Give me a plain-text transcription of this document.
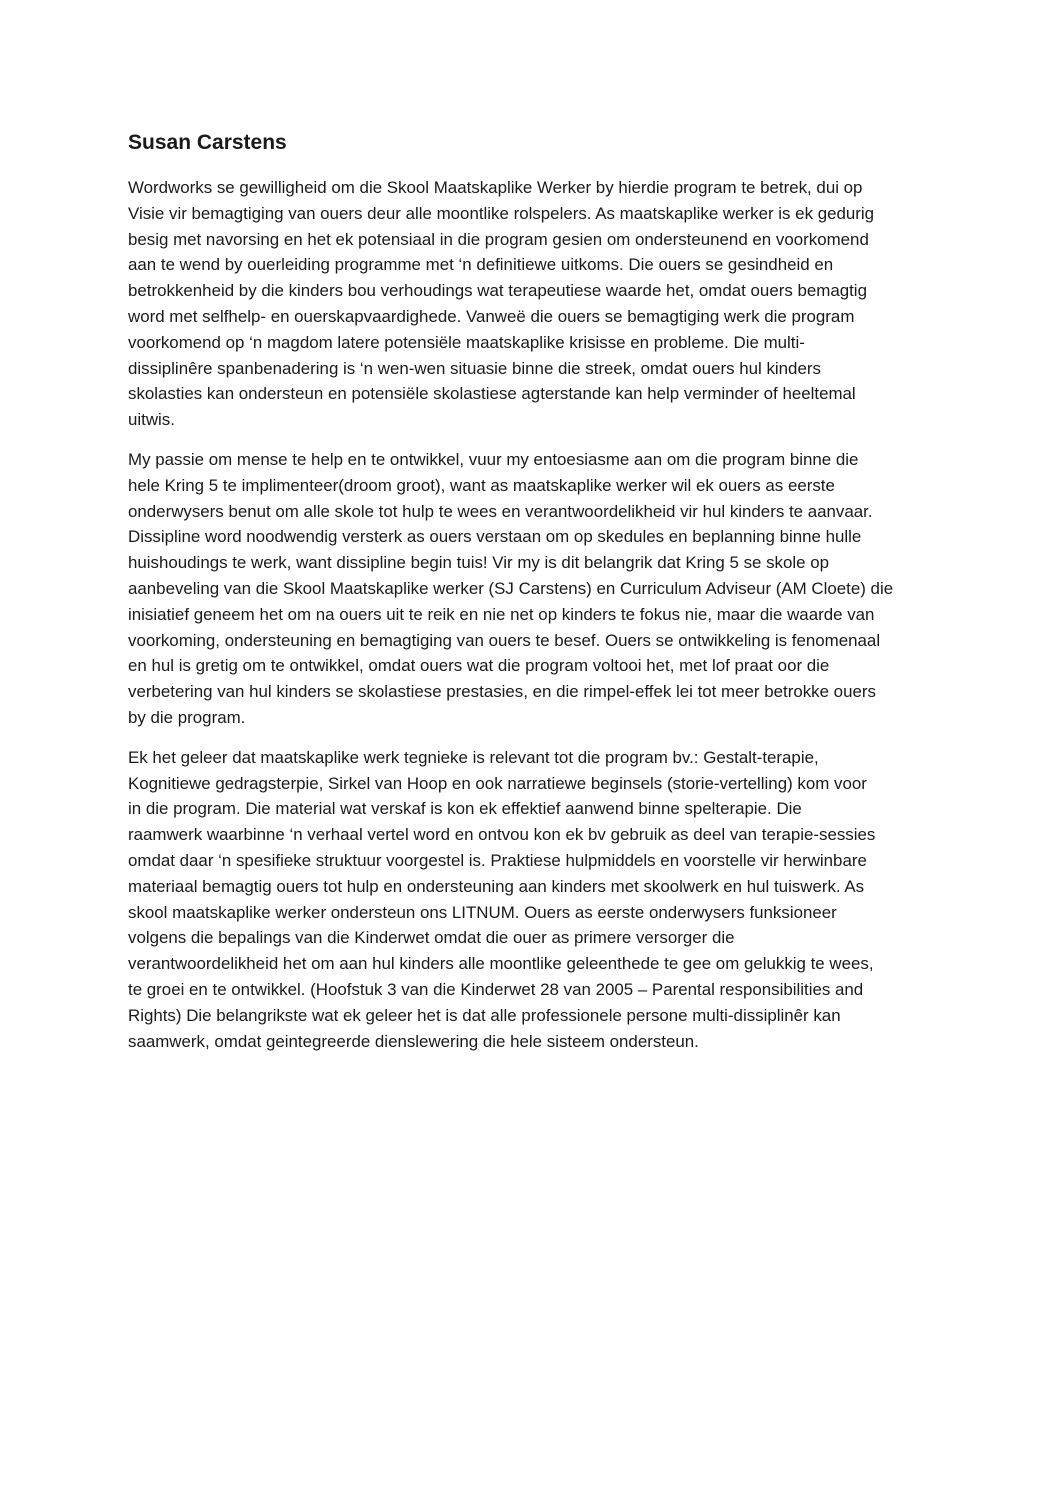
Susan Carstens

Wordworks se gewilligheid om die Skool Maatskaplike Werker by hierdie program te betrek, dui op
Visie vir bemagtiging van ouers deur alle moontlike rolspelers. As maatskaplike werker is ek gedurig
besig met navorsing en het ek potensiaal in die program gesien om ondersteunend en voorkomend
aan te wend by ouerleiding programme met ‘n definitiewe uitkoms. Die ouers se gesindheid en
betrokkenheid by die kinders bou verhoudings wat terapeutiese waarde het, omdat ouers bemagtig
word met selfhelp- en ouerskapvaardighede. Vanweë die ouers se bemagtiging werk die program
voorkomend op ‘n magdom latere potensiële maatskaplike krisisse en probleme. Die multi-
dissiplinêre spanbenadering is ‘n wen-wen situasie binne die streek, omdat ouers hul kinders
skolasties kan ondersteun en potensiële skolastiese agterstande kan help verminder of heeltemal
uitwis.

My passie om mense te help en te ontwikkel, vuur my entoesiasme aan om die program binne die
hele Kring 5 te implimenteer(droom groot), want as maatskaplike werker wil ek ouers as eerste
onderwysers benut om alle skole tot hulp te wees en verantwoordelikheid vir hul kinders te aanvaar.
Dissipline word noodwendig versterk as ouers verstaan om op skedules en beplanning binne hulle
huishoudings te werk, want dissipline begin tuis! Vir my is dit belangrik dat Kring 5 se skole op
aanbeveling van die Skool Maatskaplike werker (SJ Carstens) en Curriculum Adviseur (AM Cloete) die
inisiatief geneem het om na ouers uit te reik en nie net op kinders te fokus nie, maar die waarde van
voorkoming, ondersteuning en bemagtiging van ouers te besef. Ouers se ontwikkeling is fenomenaal
en hul is gretig om te ontwikkel, omdat ouers wat die program voltooi het, met lof praat oor die
verbetering van hul kinders se skolastiese prestasies, en die rimpel-effek lei tot meer betrokke ouers
by die program.

Ek het geleer dat maatskaplike werk tegnieke is relevant tot die program bv.: Gestalt-terapie,
Kognitiewe gedragsterpie, Sirkel van Hoop en ook narratiewe beginsels (storie-vertelling) kom voor
in die program. Die material wat verskaf is kon ek effektief aanwend binne spelterapie. Die
raamwerk waarbinne ‘n verhaal vertel word en ontvou kon ek bv gebruik as deel van terapie-sessies
omdat daar ‘n spesifieke struktuur voorgestel is. Praktiese hulpmiddels en voorstelle vir herwinbare
materiaal bemagtig ouers tot hulp en ondersteuning aan kinders met skoolwerk en hul tuiswerk. As
skool maatskaplike werker ondersteun ons LITNUM. Ouers as eerste onderwysers funksioneer
volgens die bepalings van die Kinderwet omdat die ouer as primere versorger die
verantwoordelikheid het om aan hul kinders alle moontlike geleenthede te gee om gelukkig te wees,
te groei en te ontwikkel. (Hoofstuk 3 van die Kinderwet 28 van 2005 – Parental responsibilities and
Rights) Die belangrikste wat ek geleer het is dat alle professionele persone multi-dissiplinêr kan
saamwerk, omdat geintegreerde dienslewering die hele sisteem ondersteun.
